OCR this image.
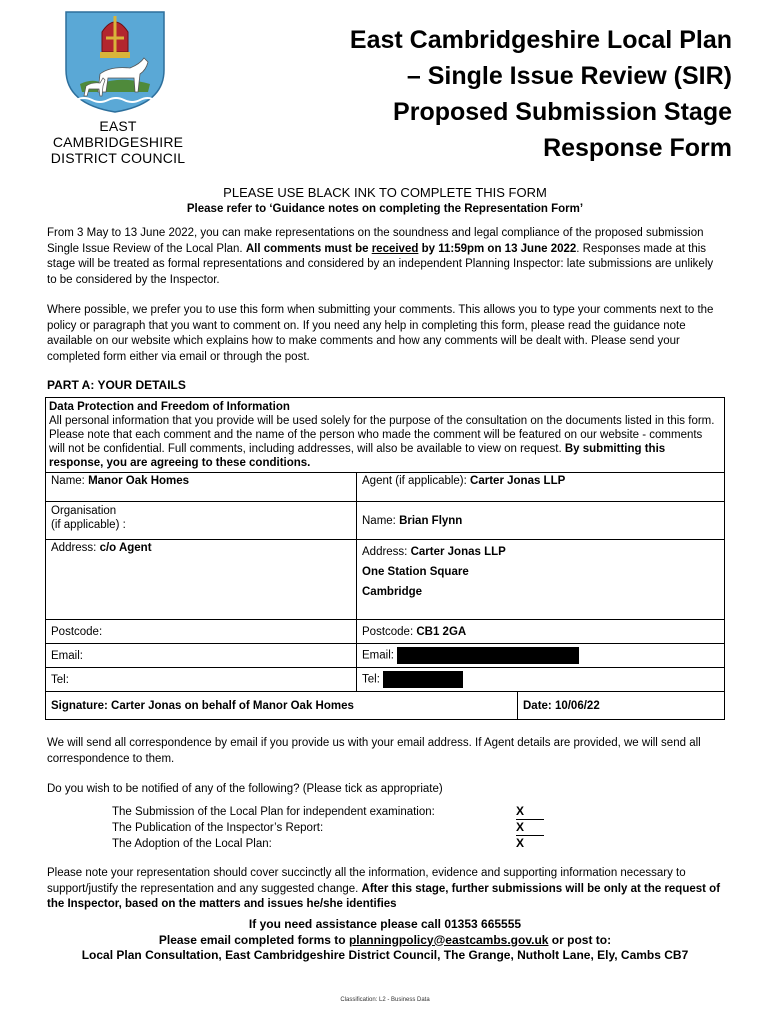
EAST CAMBRIDGESHIRE
DISTRICT COUNCIL
East Cambridgeshire Local Plan
– Single Issue Review (SIR)
Proposed Submission Stage
Response Form
PLEASE USE BLACK INK TO COMPLETE THIS FORM
Please refer to ‘Guidance notes on completing the Representation Form’
From 3 May to 13 June 2022, you can make representations on the soundness and legal compliance of the proposed submission Single Issue Review of the Local Plan. All comments must be received by 11:59pm on 13 June 2022. Responses made at this stage will be treated as formal representations and considered by an independent Planning Inspector: late submissions are unlikely to be considered by the Inspector.
Where possible, we prefer you to use this form when submitting your comments. This allows you to type your comments next to the policy or paragraph that you want to comment on. If you need any help in completing this form, please read the guidance note available on our website which explains how to make comments and how any comments will be dealt with. Please send your completed form either via email or through the post.
PART A: YOUR DETAILS
Data Protection and Freedom of Information
All personal information that you provide will be used solely for the purpose of the consultation on the documents listed in this form. Please note that each comment and the name of the person who made the comment will be featured on our website - comments will not be confidential. Full comments, including addresses, will also be available to view on request. By submitting this response, you are agreeing to these conditions.		
Name: Manor Oak Homes	Agent (if applicable): Carter Jonas LLP	

Organisation
(if applicable) :	Name: Brian Flynn	
Address: c/o Agent	Address: Carter Jonas LLP
One Station Square
Cambridge	

Postcode:	Postcode: CB1 2GA	
Email:	Email:	
Tel:	Tel:	
Signature: Carter Jonas on behalf of Manor Oak Homes		Date: 10/06/22
We will send all correspondence by email if you provide us with your email address. If Agent details are provided, we will send all correspondence to them.
Do you wish to be notified of any of the following? (Please tick as appropriate)
The Submission of the Local Plan for independent examination:	X
The Publication of the Inspector’s Report:	X
The Adoption of the Local Plan:	X
Please note your representation should cover succinctly all the information, evidence and supporting information necessary to support/justify the representation and any suggested change. After this stage, further submissions will be only at the request of the Inspector, based on the matters and issues he/she identifies
If you need assistance please call 01353 665555
Please email completed forms to planningpolicy@eastcambs.gov.uk or post to:
Local Plan Consultation, East Cambridgeshire District Council, The Grange, Nutholt Lane, Ely, Cambs CB7
Classification: L2 - Business Data
